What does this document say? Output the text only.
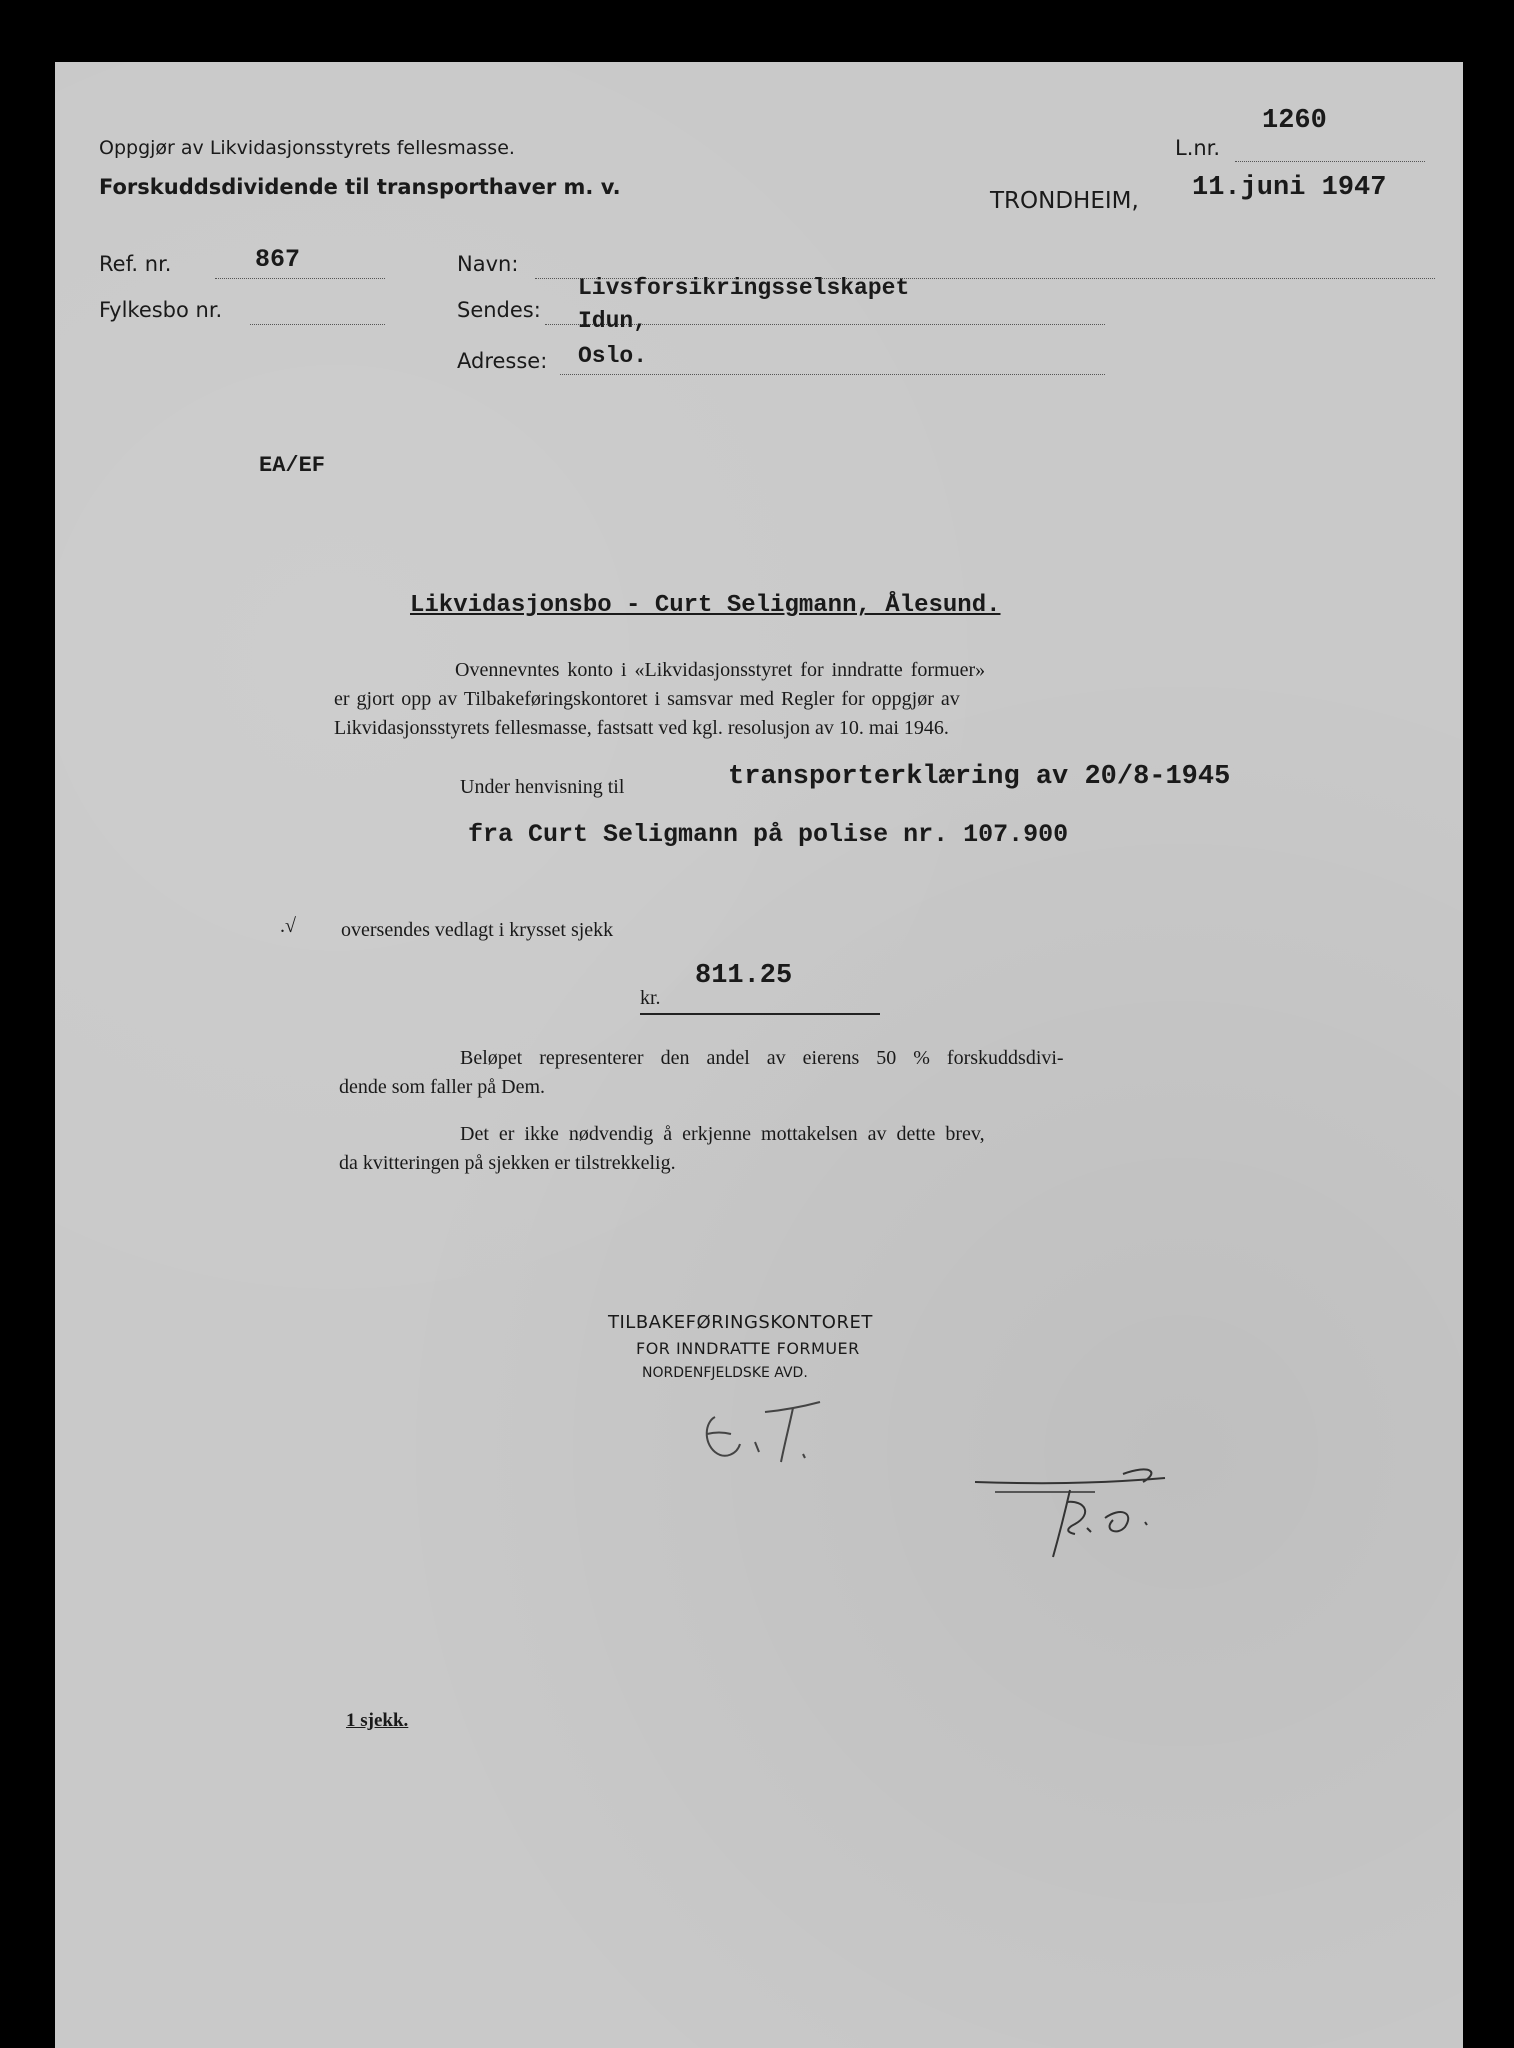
Oppgjør av Likvidasjonsstyrets fellesmasse.
Forskuddsdividende til transporthaver m. v.
1260
L.nr.
TRONDHEIM, 11.juni 1947
Ref. nr.	867
Fylkesbo nr.
Navn:
Sendes:
Adresse:
Livsforsikringsselskapet
Idun,
Oslo.
EA/EF
Likvidasjonsbo - Curt Seligmann, Ålesund.
Ovennevntes konto i «Likvidasjonsstyret for inndratte formuer»
er gjort opp av Tilbakeføringskontoret i samsvar med Regler for oppgjør av
Likvidasjonsstyrets fellesmasse, fastsatt ved kgl. resolusjon av 10. mai 1946.
Under henvisning til	transporterklæring av 20/8-1945
fra Curt Seligmann på polise nr. 107.900
.√ oversendes vedlagt i krysset sjekk
811.25
kr.
Beløpet representerer den andel av eierens 50 % forskuddsdivi-
dende som faller på Dem.
Det er ikke nødvendig å erkjenne mottakelsen av dette brev,
da kvitteringen på sjekken er tilstrekkelig.
TILBAKEFØRINGSKONTORET
FOR INNDRATTE FORMUER
NORDENFJELDSKE AVD.
1 sjekk.
